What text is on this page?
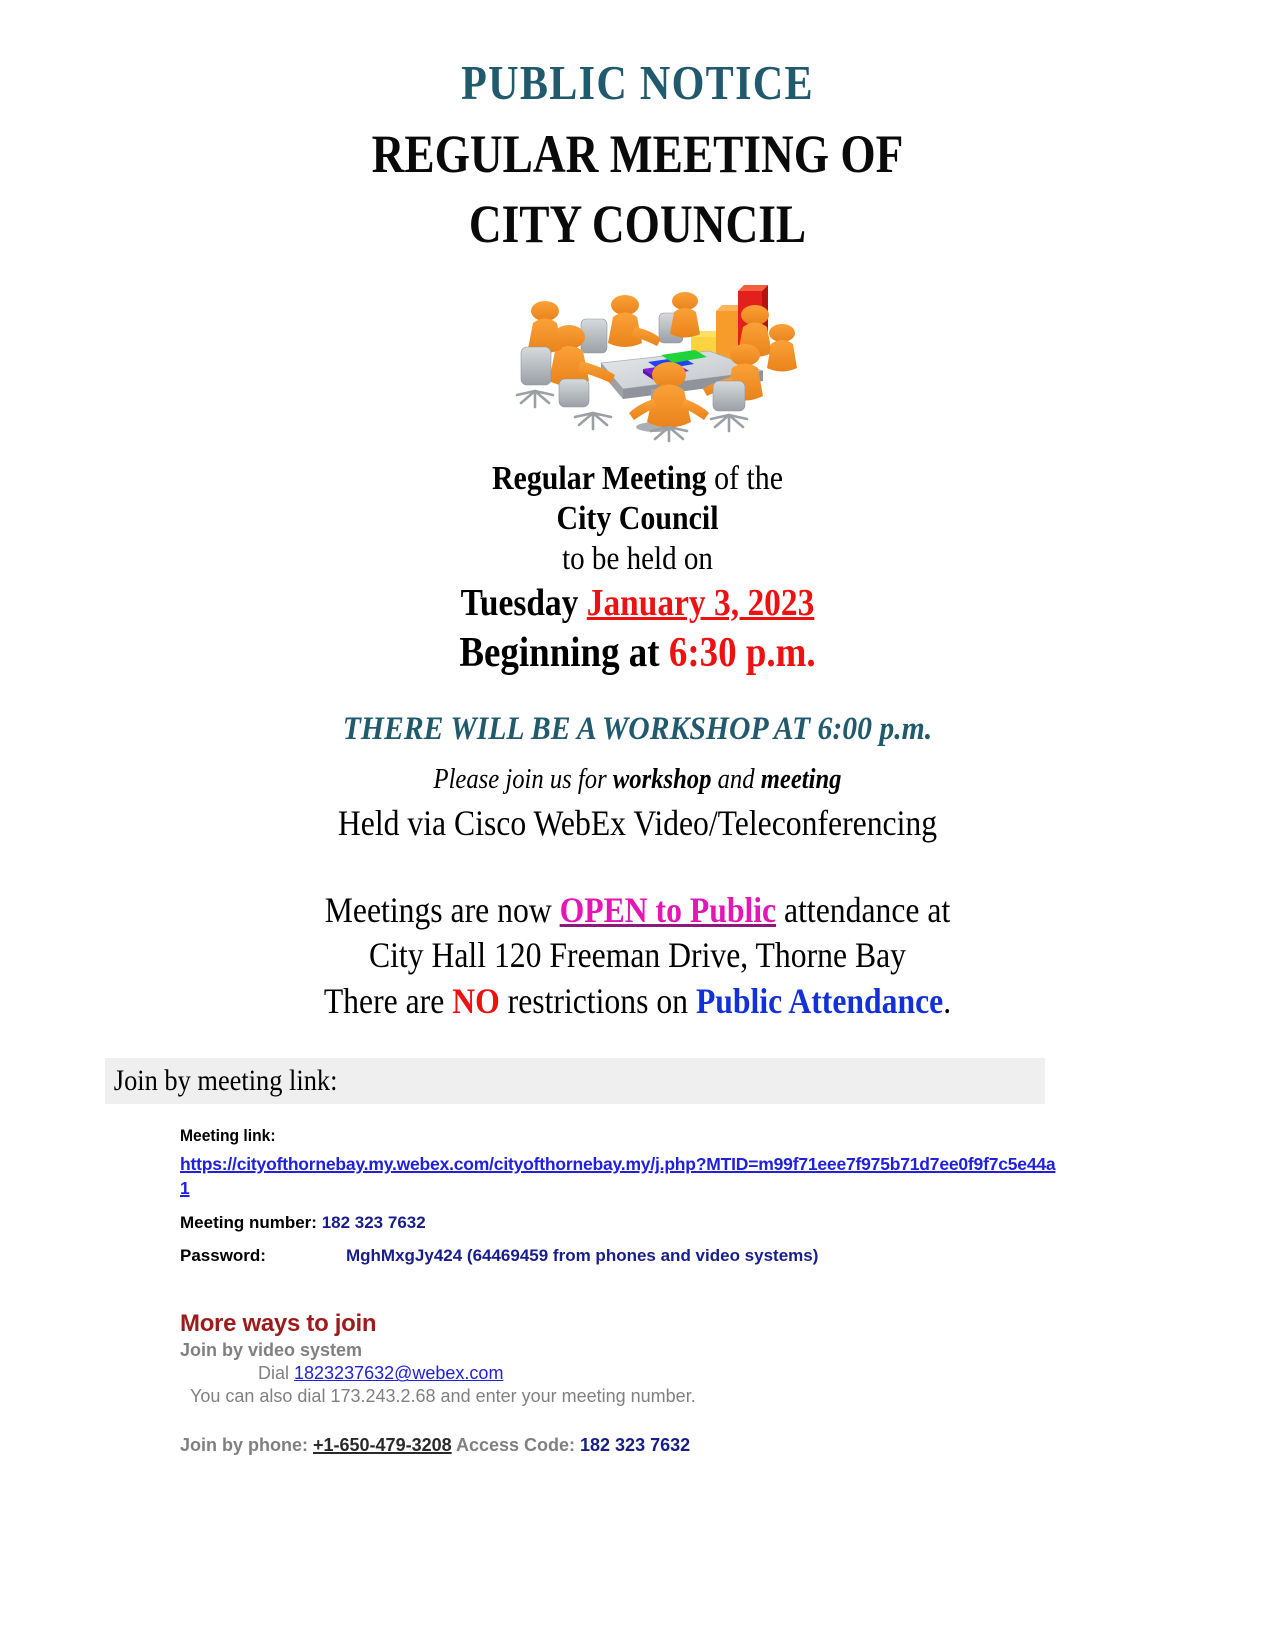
PUBLIC NOTICE
REGULAR MEETING OF
CITY COUNCIL
Regular Meeting of the
City Council
to be held on
Tuesday January 3, 2023
Beginning at 6:30 p.m.
THERE WILL BE A WORKSHOP AT 6:00 p.m.
Please join us for workshop and meeting
Held via Cisco WebEx Video/Teleconferencing
Meetings are now OPEN to Public attendance at
City Hall 120 Freeman Drive, Thorne Bay
There are NO restrictions on Public Attendance.
Join by meeting link:
Meeting link:
https://cityofthornebay.my.webex.com/cityofthornebay.my/j.php?MTID=m99f71eee7f975b71d7ee0f9f7c5e44a1
Meeting number: 182 323 7632
Password:	MghMxgJy424 (64469459 from phones and video systems)

More ways to join

Join by video system

Dial 1823237632@webex.com

You can also dial 173.243.2.68 and enter your meeting number.

Join by phone: +1-650-479-3208 Access Code: 182 323 7632
